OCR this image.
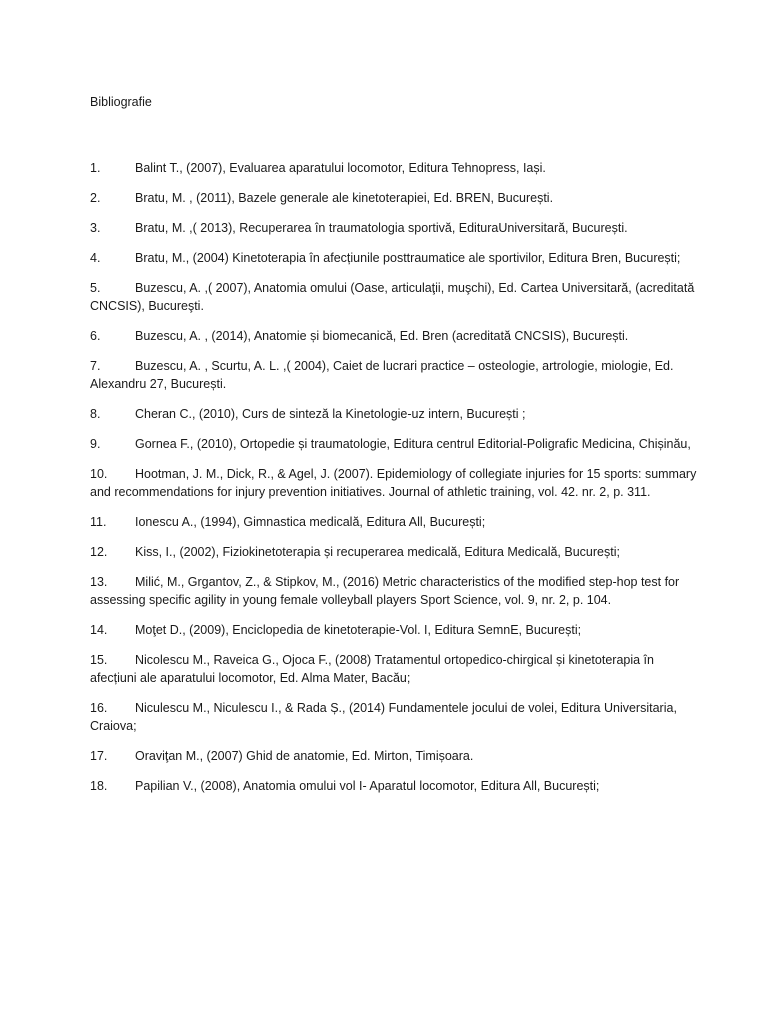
Bibliografie
1.	Balint T., (2007), Evaluarea aparatului locomotor, Editura Tehnopress, Iași.
2.	Bratu, M. , (2011), Bazele generale ale kinetoterapiei, Ed. BREN, București.
3.	Bratu, M. ,( 2013), Recuperarea în traumatologia sportivă, EdituraUniversitară, București.
4.	Bratu, M., (2004) Kinetoterapia în afecțiunile posttraumatice ale sportivilor, Editura Bren, București;
5.	Buzescu, A. ,( 2007), Anatomia omului (Oase, articulaţii, muşchi), Ed. Cartea Universitară, (acreditată CNCSIS), Bucureşti.
6.	Buzescu, A. , (2014), Anatomie și biomecanică, Ed. Bren (acreditată CNCSIS), București.
7.	Buzescu, A. , Scurtu, A. L. ,( 2004), Caiet de lucrari practice – osteologie, artrologie, miologie, Ed. Alexandru 27, București.
8.	Cheran C., (2010), Curs de sinteză la Kinetologie-uz intern, București ;
9.	Gornea F., (2010), Ortopedie și traumatologie, Editura centrul Editorial-Poligrafic Medicina, Chișinău,
10. Hootman, J. M., Dick, R., & Agel, J. (2007). Epidemiology of collegiate injuries for 15 sports: summary and recommendations for injury prevention initiatives. Journal of athletic training, vol. 42. nr. 2, p. 311.
11. Ionescu A., (1994), Gimnastica medicală, Editura All, București;
12. Kiss, I., (2002), Fiziokinetoterapia și recuperarea medicală, Editura Medicală, București;
13. Milić, M., Grgantov, Z., & Stipkov, M., (2016) Metric characteristics of the modified step-hop test for assessing specific agility in young female volleyball players Sport Science, vol. 9, nr. 2, p. 104.
14. Moţet D., (2009), Enciclopedia de kinetoterapie-Vol. I, Editura SemnE, București;
15. Nicolescu M., Raveica G., Ojoca F., (2008) Tratamentul ortopedico-chirgical și kinetoterapia în afecțiuni ale aparatului locomotor, Ed. Alma Mater, Bacău;
16. Niculescu M., Niculescu I., & Rada Ș., (2014) Fundamentele jocului de volei, Editura Universitaria, Craiova;
17. Oraviţan M., (2007) Ghid de anatomie, Ed. Mirton, Timișoara.
18. Papilian V., (2008), Anatomia omului vol I- Aparatul locomotor, Editura All, București;
